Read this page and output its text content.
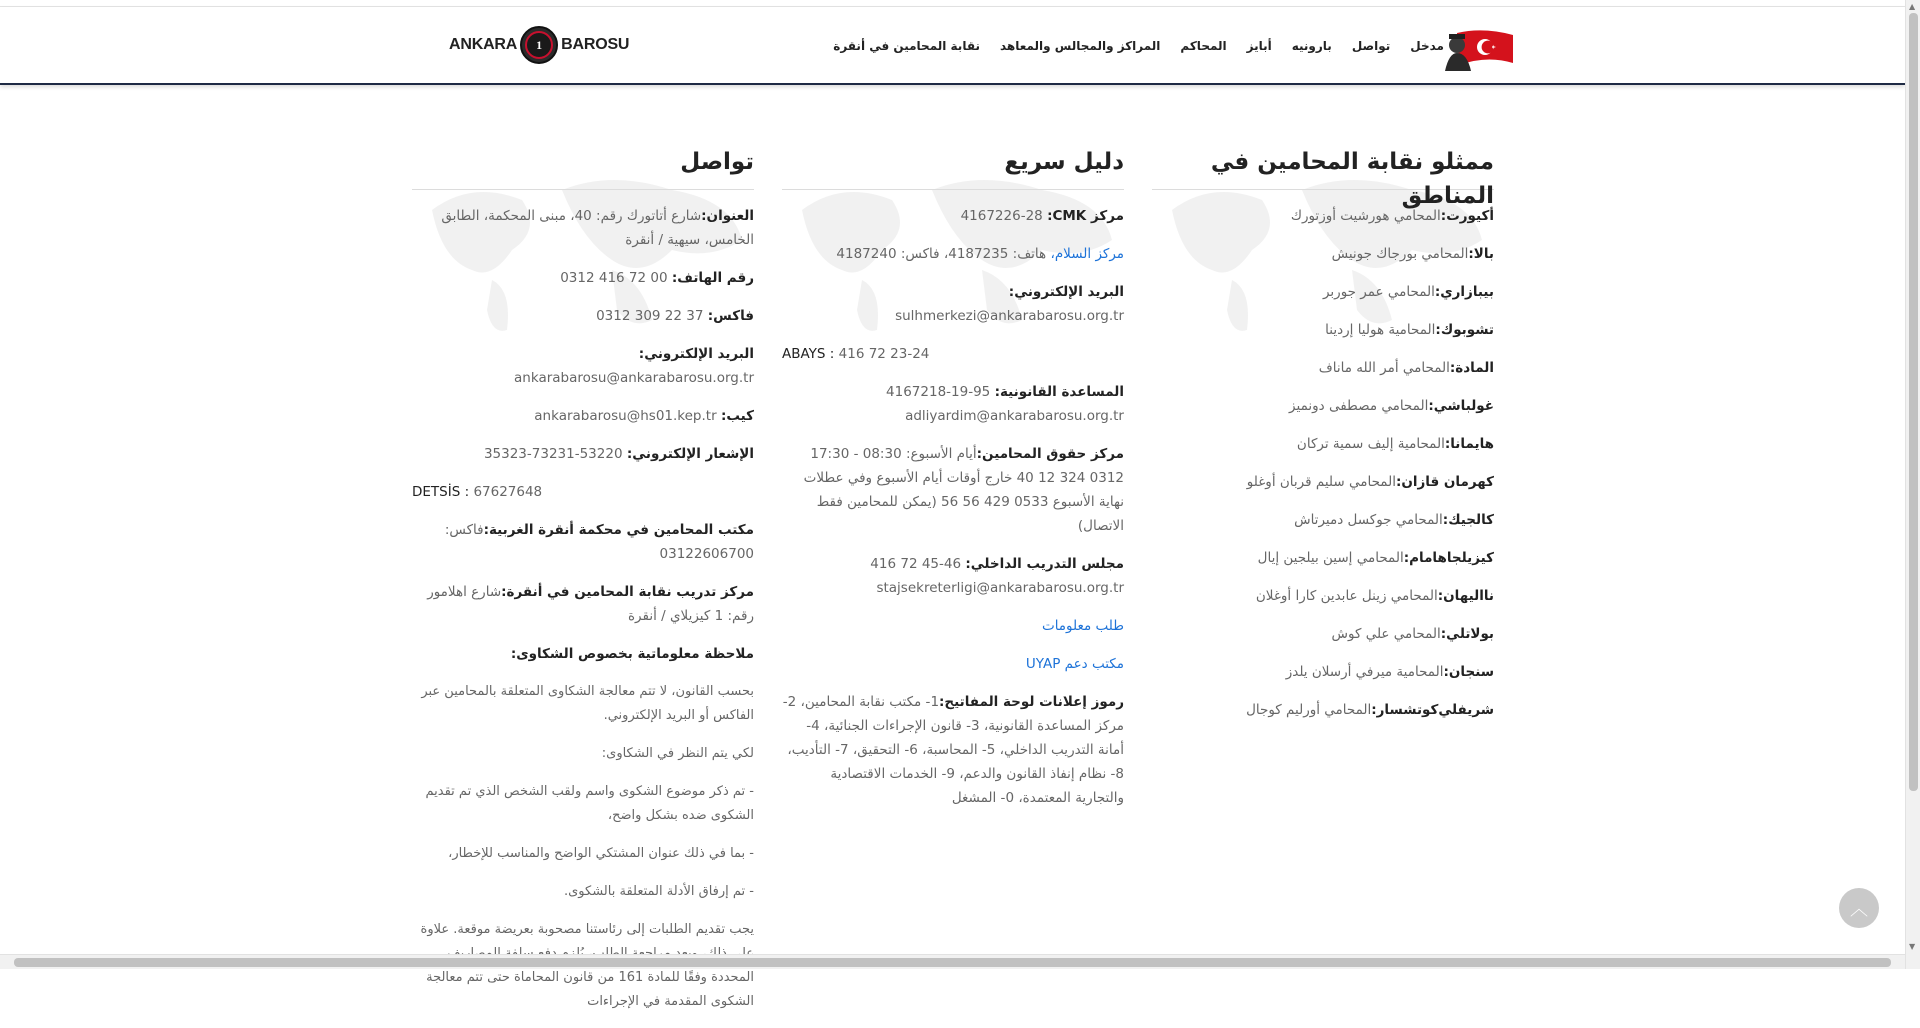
ANKARA	1	BAROSU	مدخل
تواصل
بارونيه
أبايز
المحاكم
المراكز والمجالس والمعاهد
نقابة المحامين في أنقرة
تواصل
العنوان:شارع أتاتورك رقم: 40، مبنى المحكمة، الطابق الخامس، سيهية / أنقرة
رقم الهاتف: 0312 416 72 00
فاكس: 0312 309 22 37
البريد الإلكتروني:
ankarabarosu@ankarabarosu.org.tr
كيب: ankarabarosu@hs01.kep.tr
الإشعار الإلكتروني: 35323-73231-53220
DETSİS : 67627648
مكتب المحامين في محكمة أنقرة الغربية:فاكس: 03122606700
مركز تدريب نقابة المحامين في أنقرة:شارع اهلامور رقم: 1 كيزيلاي / أنقرة
ملاحظة معلوماتية بخصوص الشكاوى:
بحسب القانون، لا تتم معالجة الشكاوى المتعلقة بالمحامين عبر الفاكس أو البريد الإلكتروني.
لكي يتم النظر في الشكاوى:
- تم ذكر موضوع الشكوى واسم ولقب الشخص الذي تم تقديم الشكوى ضده بشكل واضح،
- بما في ذلك عنوان المشتكي الواضح والمناسب للإخطار،
- تم إرفاق الأدلة المتعلقة بالشكوى.
يجب تقديم الطلبات إلى رئاستنا مصحوبة بعريضة موقعة. علاوة المحددة وفقًا للمادة 161 من قانون المحاماة حتى تتم معالجة الشكوى المقدمة في الإجراءات
دليل سريع
مركز CMK: 4167226-28
مركز السلام، هاتف: 4187235، فاكس: 4187240
البريد الإلكتروني: sulhmerkezi@ankarabarosu.org.tr
ABAYS : 416 72 23-24
المساعدة القانونية: 4167218-19-95
adliyardim@ankarabarosu.org.tr
مركز حقوق المحامين:أيام الأسبوع: 08:30 - 17:30 0312 324 12 40 خارج أوقات أيام الأسبوع وفي عطلات نهاية الأسبوع 0533 429 56 56 (يمكن للمحامين فقط الاتصال)
مجلس التدريب الداخلي: 416 72 45-46
stajsekreterligi@ankarabarosu.org.tr
طلب معلومات
مكتب دعم UYAP
رموز إعلانات لوحة المفاتيح:1- مكتب نقابة المحامين، 2- مركز المساعدة القانونية، 3- قانون الإجراءات الجنائية، 4- أمانة التدريب الداخلي، 5- المحاسبة، 6- التحقيق، 7- التأديب، 8- نظام إنفاذ القانون والدعم، 9- الخدمات الاقتصادية والتجارية المعتمدة، 0- المشغل
ممثلو نقابة المحامين في المناطق
أكيورت:المحامي هورشيت أوزتورك
بالا:المحامي بورجاك جونيش
بيبازاري:المحامي عمر جوربر
تشوبوك:المحامية هوليا إردينا
المادة:المحامي أمر الله ماناف
غولباشي:المحامي مصطفى دونميز
هايمانا:المحامية إليف سمية تركان
كهرمان قازان:المحامي سليم قربان أوغلو
كالجيك:المحامي جوكسل دميرتاش
كيزيلجاهامام:المحامي إسين بيلجين إيال
نااليهان:المحامي زينل عابدين كارا أوغلان
بولاتلي:المحامي علي كوش
سنجان:المحامية ميرفي أرسلان يلدز
شريفلي‌كوتشسار:المحامي أورليم كوجال
︿
▲
▼
